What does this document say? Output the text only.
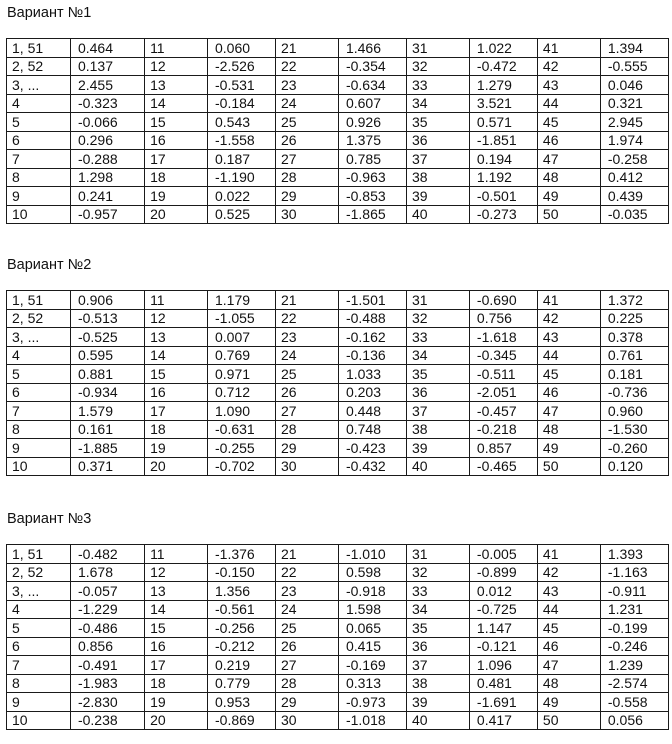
Вариант №1
1, 51	0.464	11	0.060	21	1.466	31	1.022	41	1.394
2, 52	0.137	12	-2.526	22	-0.354	32	-0.472	42	-0.555
3, ...	2.455	13	-0.531	23	-0.634	33	1.279	43	0.046
4	-0.323	14	-0.184	24	0.607	34	3.521	44	0.321
5	-0.066	15	0.543	25	0.926	35	0.571	45	2.945
6	0.296	16	-1.558	26	1.375	36	-1.851	46	1.974
7	-0.288	17	0.187	27	0.785	37	0.194	47	-0.258
8	1.298	18	-1.190	28	-0.963	38	1.192	48	0.412
9	0.241	19	0.022	29	-0.853	39	-0.501	49	0.439
10	-0.957	20	0.525	30	-1.865	40	-0.273	50	-0.035
Вариант №2
1, 51	0.906	11	1.179	21	-1.501	31	-0.690	41	1.372
2, 52	-0.513	12	-1.055	22	-0.488	32	0.756	42	0.225
3, ...	-0.525	13	0.007	23	-0.162	33	-1.618	43	0.378
4	0.595	14	0.769	24	-0.136	34	-0.345	44	0.761
5	0.881	15	0.971	25	1.033	35	-0.511	45	0.181
6	-0.934	16	0.712	26	0.203	36	-2.051	46	-0.736
7	1.579	17	1.090	27	0.448	37	-0.457	47	0.960
8	0.161	18	-0.631	28	0.748	38	-0.218	48	-1.530
9	-1.885	19	-0.255	29	-0.423	39	0.857	49	-0.260
10	0.371	20	-0.702	30	-0.432	40	-0.465	50	0.120
Вариант №3
1, 51	-0.482	11	-1.376	21	-1.010	31	-0.005	41	1.393
2, 52	1.678	12	-0.150	22	0.598	32	-0.899	42	-1.163
3, ...	-0.057	13	1.356	23	-0.918	33	0.012	43	-0.911
4	-1.229	14	-0.561	24	1.598	34	-0.725	44	1.231
5	-0.486	15	-0.256	25	0.065	35	1.147	45	-0.199
6	0.856	16	-0.212	26	0.415	36	-0.121	46	-0.246
7	-0.491	17	0.219	27	-0.169	37	1.096	47	1.239
8	-1.983	18	0.779	28	0.313	38	0.481	48	-2.574
9	-2.830	19	0.953	29	-0.973	39	-1.691	49	-0.558
10	-0.238	20	-0.869	30	-1.018	40	0.417	50	0.056
